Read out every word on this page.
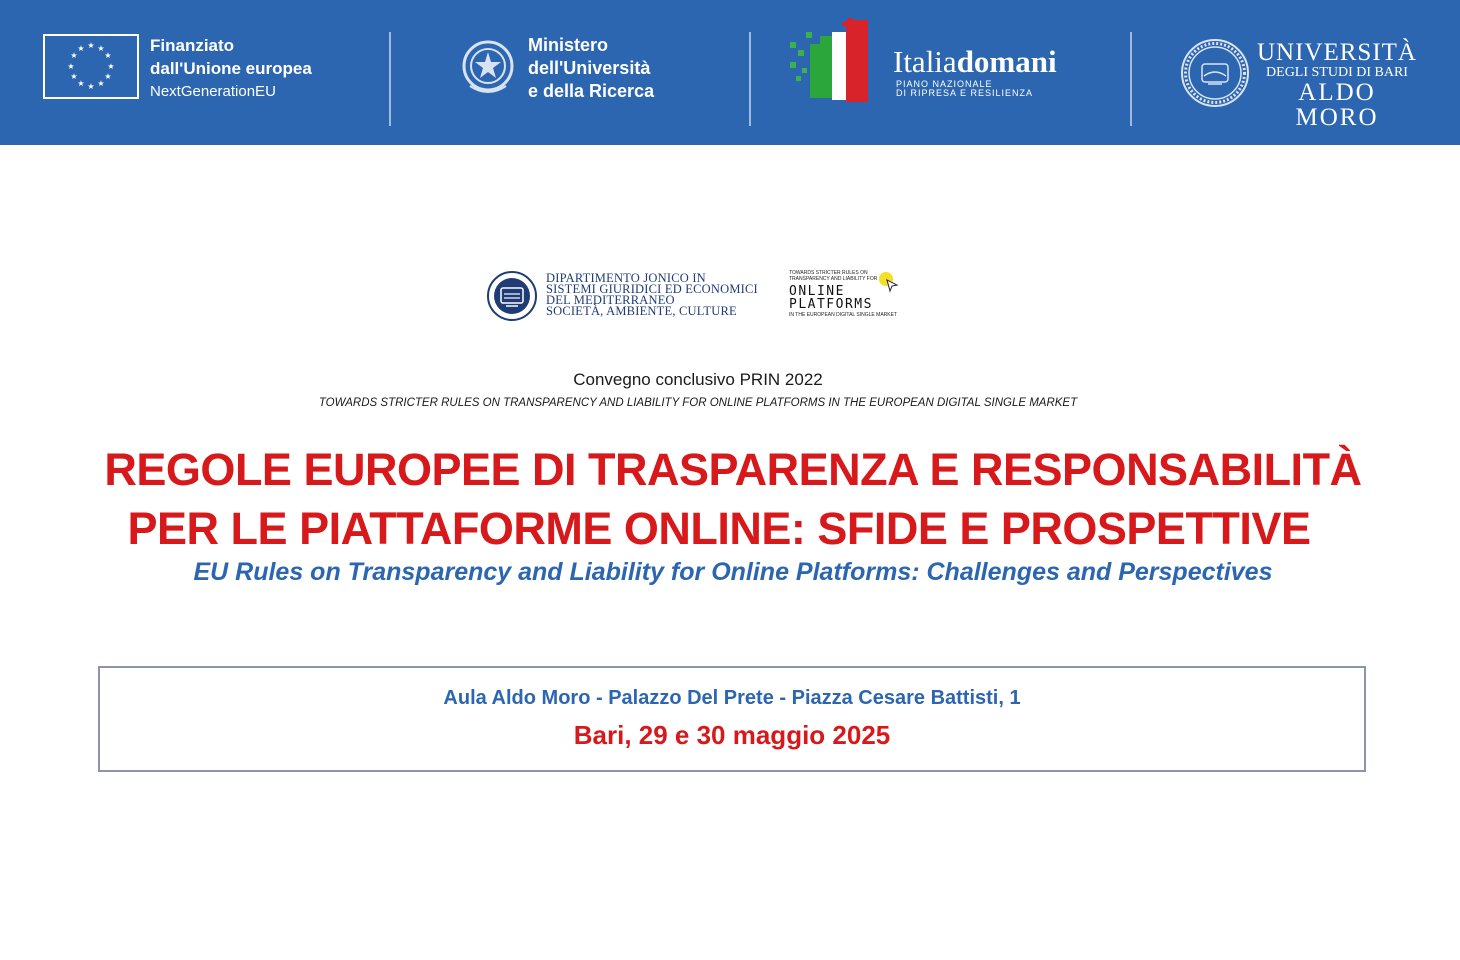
★ ★
★
★
★
★
★
★
★
★
★
★	Finanziato
dall'Unione europea
NextGenerationEU
Ministero
dell'Università
e della Ricerca
Italiadomani
PIANO NAZIONALE
DI RIPRESA E RESILIENZA
UNIVERSITÀ
DEGLI STUDI DI BARI
ALDO MORO
DIPARTIMENTO JONICO IN
SISTEMI GIURIDICI ED ECONOMICI
DEL MEDITERRANEO
SOCIETÀ, AMBIENTE, CULTURE
TOWARDS STRICTER RULES ON
TRANSPARENCY AND LIABILITY FOR
ONLINE
PLATFORMS
IN THE EUROPEAN DIGITAL SINGLE MARKET
Convegno conclusivo PRIN 2022
TOWARDS STRICTER RULES ON TRANSPARENCY AND LIABILITY FOR ONLINE PLATFORMS IN THE EUROPEAN DIGITAL SINGLE MARKET
REGOLE EUROPEE DI TRASPARENZA E RESPONSABILITÀ
PER LE PIATTAFORME ONLINE: SFIDE E PROSPETTIVE
EU Rules on Transparency and Liability for Online Platforms: Challenges and Perspectives
Aula Aldo Moro - Palazzo Del Prete - Piazza Cesare Battisti, 1
Bari, 29 e 30 maggio 2025
